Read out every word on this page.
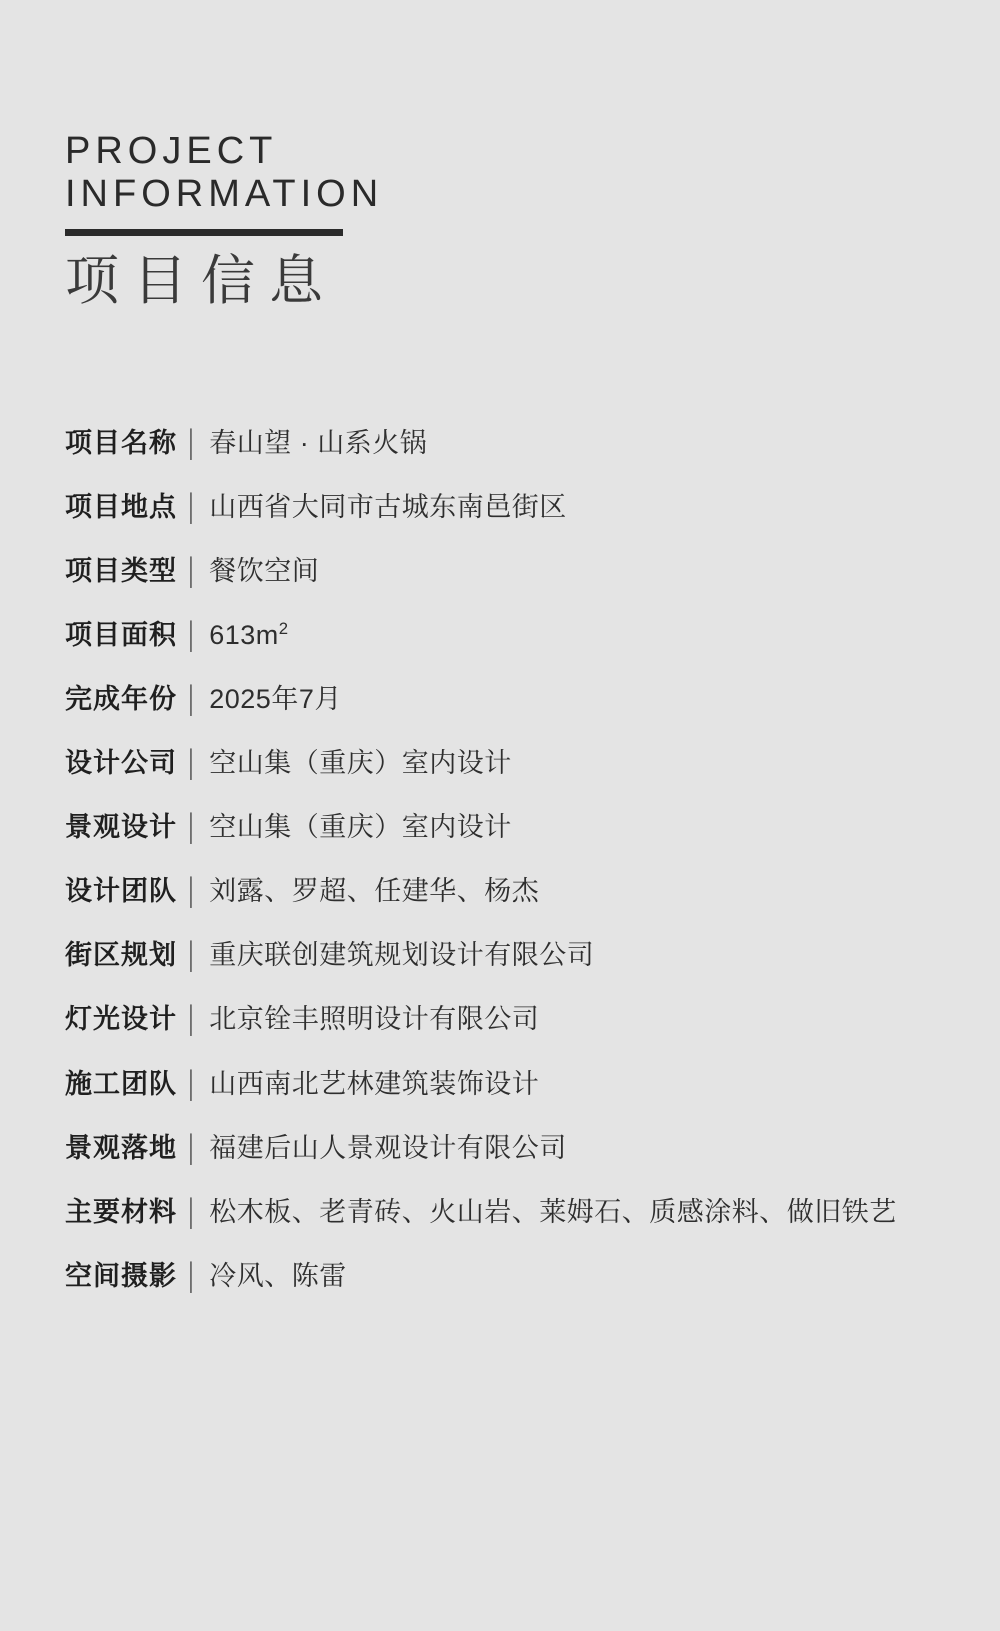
PROJECT
INFORMATION
项目信息
项目名称 │ 春山望 · 山系火锅
项目地点 │ 山西省大同市古城东南邑街区
项目类型 │ 餐饮空间
项目面积 │ $613m^2$
完成年份 │ 2025年7月
设计公司 │ 空山集（重庆）室内设计
景观设计 │ 空山集（重庆）室内设计
设计团队 │ 刘露、罗超、任建华、杨杰
街区规划 │ 重庆联创建筑规划设计有限公司
灯光设计 │ 北京铨丰照明设计有限公司
施工团队 │ 山西南北艺林建筑装饰设计
景观落地 │ 福建后山人景观设计有限公司
主要材料 │ 松木板、老青砖、火山岩、莱姆石、质感涂料、做旧铁艺
空间摄影 │ 冷风、陈雷
